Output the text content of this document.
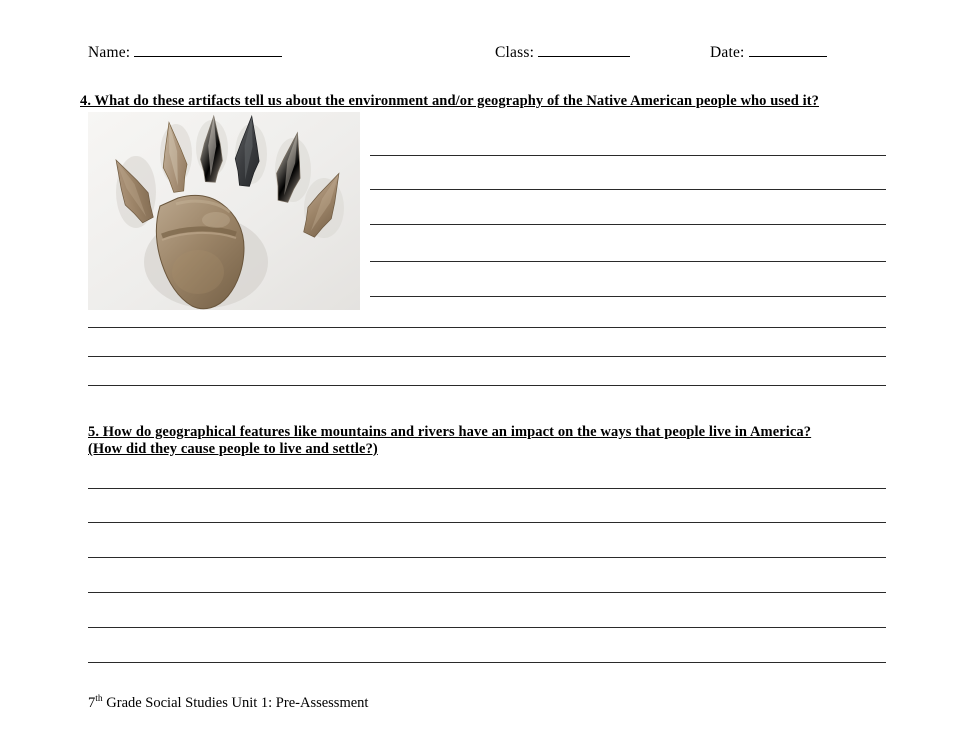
Name:	Class:	Date:
4. What do these artifacts tell us about the environment and/or geography of the Native American people who used it?
5. How do geographical features like mountains and rivers have an impact on the ways that people live in America?
(How did they cause people to live and settle?)
7th Grade Social Studies Unit 1: Pre-Assessment
